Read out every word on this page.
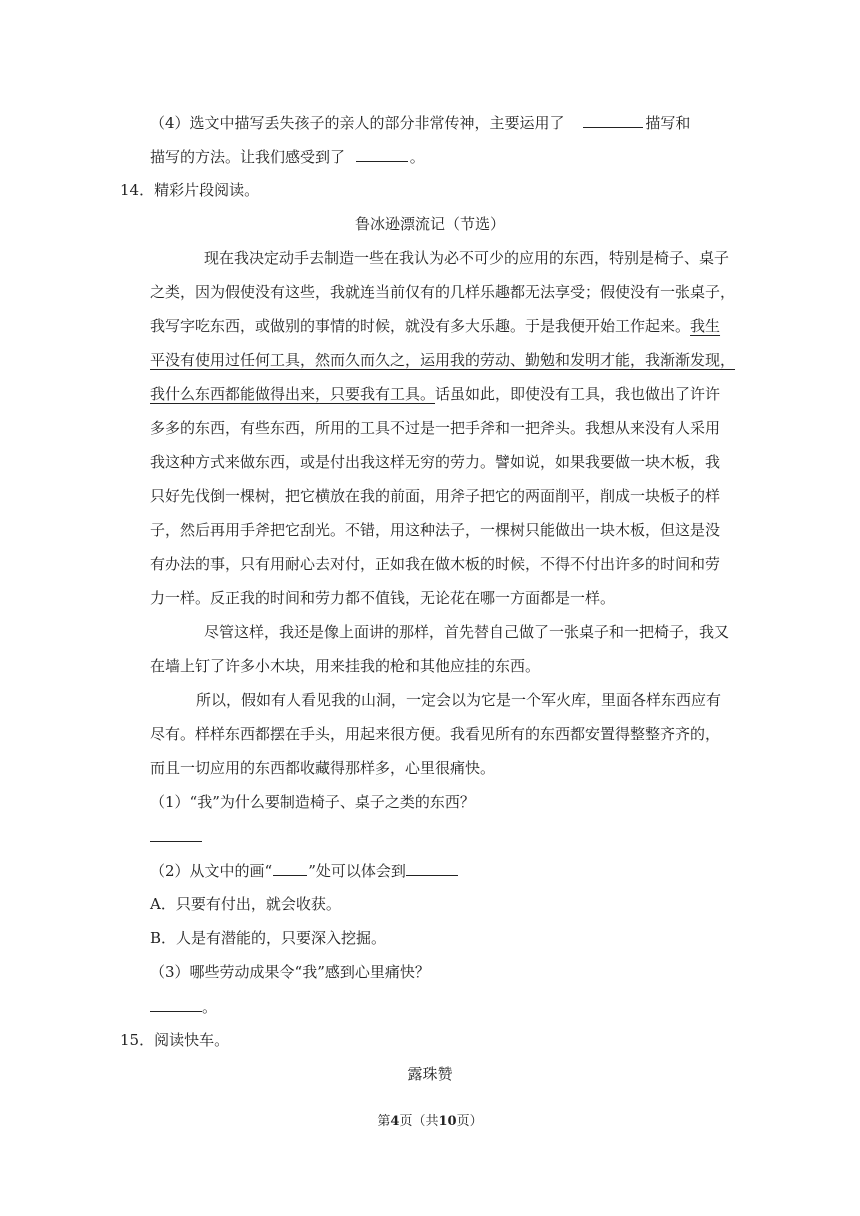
（4）选文中描写丢失孩子的亲人的部分非常传神，主要运用了	描写和
描写的方法。让我们感受到了	。
14．精彩片段阅读。
鲁冰逊漂流记（节选）
现在我决定动手去制造一些在我认为必不可少的应用的东西，特别是椅子、桌子
之类，因为假使没有这些，我就连当前仅有的几样乐趣都无法享受；假使没有一张桌子，
我写字吃东西，或做别的事情的时候，就没有多大乐趣。于是我便开始工作起来。我生
平没有使用过任何工具，然而久而久之，运用我的劳动、勤勉和发明才能，我渐渐发现，
我什么东西都能做得出来，只要我有工具。话虽如此，即使没有工具，我也做出了许许
多多的东西，有些东西，所用的工具不过是一把手斧和一把斧头。我想从来没有人采用
我这种方式来做东西，或是付出我这样无穷的劳力。譬如说，如果我要做一块木板，我
只好先伐倒一棵树，把它横放在我的前面，用斧子把它的两面削平，削成一块板子的样
子，然后再用手斧把它刮光。不错，用这种法子，一棵树只能做出一块木板，但这是没
有办法的事，只有用耐心去对付，正如我在做木板的时候，不得不付出许多的时间和劳
力一样。反正我的时间和劳力都不值钱，无论花在哪一方面都是一样。
尽管这样，我还是像上面讲的那样，首先替自己做了一张桌子和一把椅子，我又
在墙上钉了许多小木块，用来挂我的枪和其他应挂的东西。
所以，假如有人看见我的山洞，一定会以为它是一个军火库，里面各样东西应有
尽有。样样东西都摆在手头，用起来很方便。我看见所有的东西都安置得整整齐齐的，
而且一切应用的东西都收藏得那样多，心里很痛快。
（1）“我”为什么要制造椅子、桌子之类的东西？
（2）从文中的画“ ”处可以体会到
A．只要有付出，就会收获。
B．人是有潜能的，只要深入挖掘。
（3）哪些劳动成果令“我”感到心里痛快？
。
15．阅读快车。
露珠赞
第4页（共10页）
